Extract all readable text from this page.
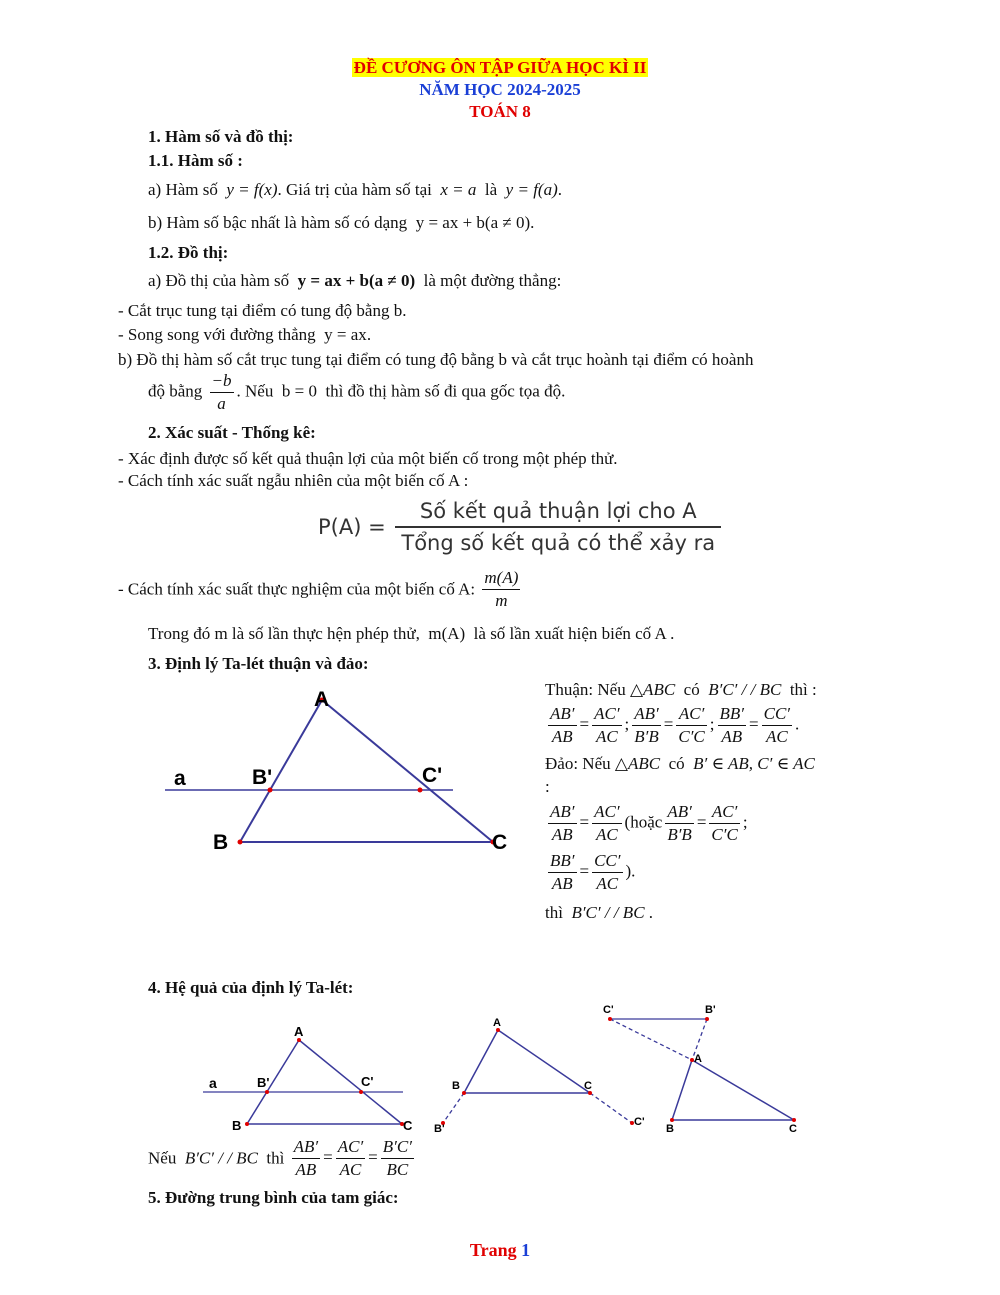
ĐỀ CƯƠNG ÔN TẬP GIỮA HỌC KÌ II
NĂM HỌC 2024-2025
TOÁN 8
1. Hàm số và đồ thị:
1.1. Hàm số :
a) Hàm số y = f(x). Giá trị của hàm số tại x = a là y = f(a).
b) Hàm số bậc nhất là hàm số có dạng y = ax + b(a ≠ 0).
1.2. Đồ thị:
a) Đồ thị của hàm số y = ax + b(a ≠ 0) là một đường thẳng:
- Cắt trục tung tại điểm có tung độ bằng b.
- Song song với đường thẳng y = ax.
b) Đồ thị hàm số cắt trục tung tại điểm có tung độ bằng b và cắt trục hoành tại điểm có hoành
độ bằng $\frac{-b}{a}$ . Nếu b = 0 thì đồ thị hàm số đi qua gốc tọa độ.
2. Xác suất - Thống kê:
- Xác định được số kết quả thuận lợi của một biến cố trong một phép thử.
- Cách tính xác suất ngẫu nhiên của một biến cố A :
$P(A) = \frac{\text{Số kết quả thuận lợi cho A}}{\text{Tổng số kết quả có thể xảy ra}}$
- Cách tính xác suất thực nghiệm của một biến cố A: $\frac{m(A)}{m}$
Trong đó m là số lần thực hện phép thử, m(A) là số lần xuất hiện biến cố A .
3. Định lý Ta-lét thuận và đảo:
A
a	B'	C'
B	C
Thuận: Nếu △ABC có B′C′ / / BC thì :
$\frac{AB'}{AB} = \frac{AC'}{AC}$ ; $\frac{AB'}{B'B} = \frac{AC'}{C'C}$ ; $\frac{BB'}{AB} = \frac{CC'}{AC}$ .
Đảo: Nếu △ABC có B′ ∈ AB, C′ ∈ AC
:
$\frac{AB'}{AB} = \frac{AC'}{AC}$ (hoặc $\frac{AB'}{B'B} = \frac{AC'}{C'C}$ ;
$\frac{BB'}{AB} = \frac{CC'}{AC}$ ).
thì B′C′ / / BC .
4. Hệ quả của định lý Ta-lét:
A
a	B'	C'
B	C
A
B	C
B'
C'
C'	B'
A
B	C
Nếu B′C′ / / BC thì $\frac{AB'}{AB} = \frac{AC'}{AC} = \frac{B'C'}{BC}$
5. Đường trung bình của tam giác:
Trang 1
